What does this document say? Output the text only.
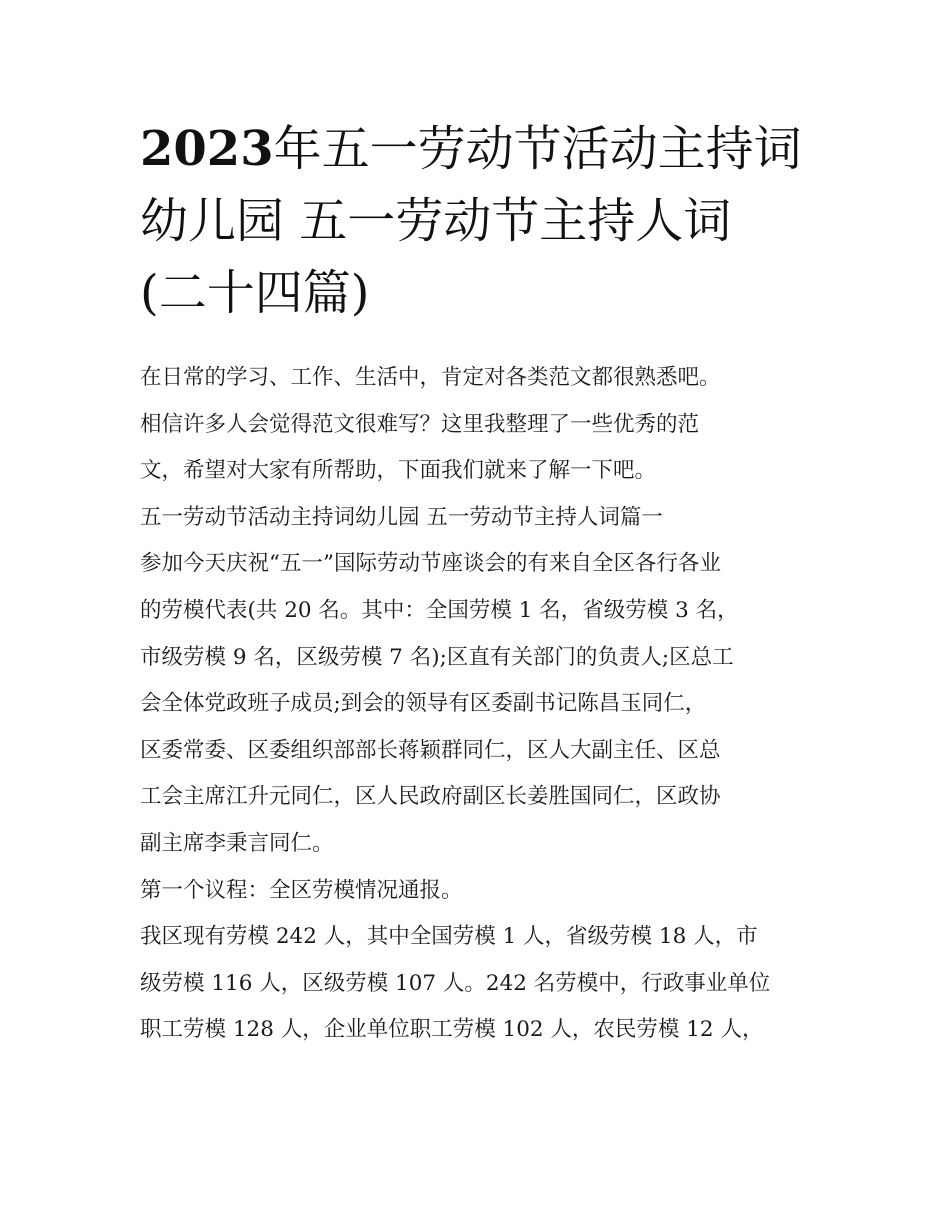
2023年五一劳动节活动主持词
幼儿园 五一劳动节主持人词
(二十四篇)
在日常的学习、工作、生活中，肯定对各类范文都很熟悉吧。
相信许多人会觉得范文很难写？这里我整理了一些优秀的范
文，希望对大家有所帮助，下面我们就来了解一下吧。
五一劳动节活动主持词幼儿园 五一劳动节主持人词篇一
参加今天庆祝“五一”国际劳动节座谈会的有来自全区各行各业
的劳模代表(共 20 名。其中：全国劳模 1 名，省级劳模 3 名，
市级劳模 9 名，区级劳模 7 名);区直有关部门的负责人;区总工
会全体党政班子成员;到会的领导有区委副书记陈昌玉同仁，
区委常委、区委组织部部长蒋颖群同仁，区人大副主任、区总
工会主席江升元同仁，区人民政府副区长姜胜国同仁，区政协
副主席李秉言同仁。
第一个议程：全区劳模情况通报。
我区现有劳模 242 人，其中全国劳模 1 人，省级劳模 18 人，市
级劳模 116 人，区级劳模 107 人。242 名劳模中，行政事业单位
职工劳模 128 人，企业单位职工劳模 102 人，农民劳模 12 人，
